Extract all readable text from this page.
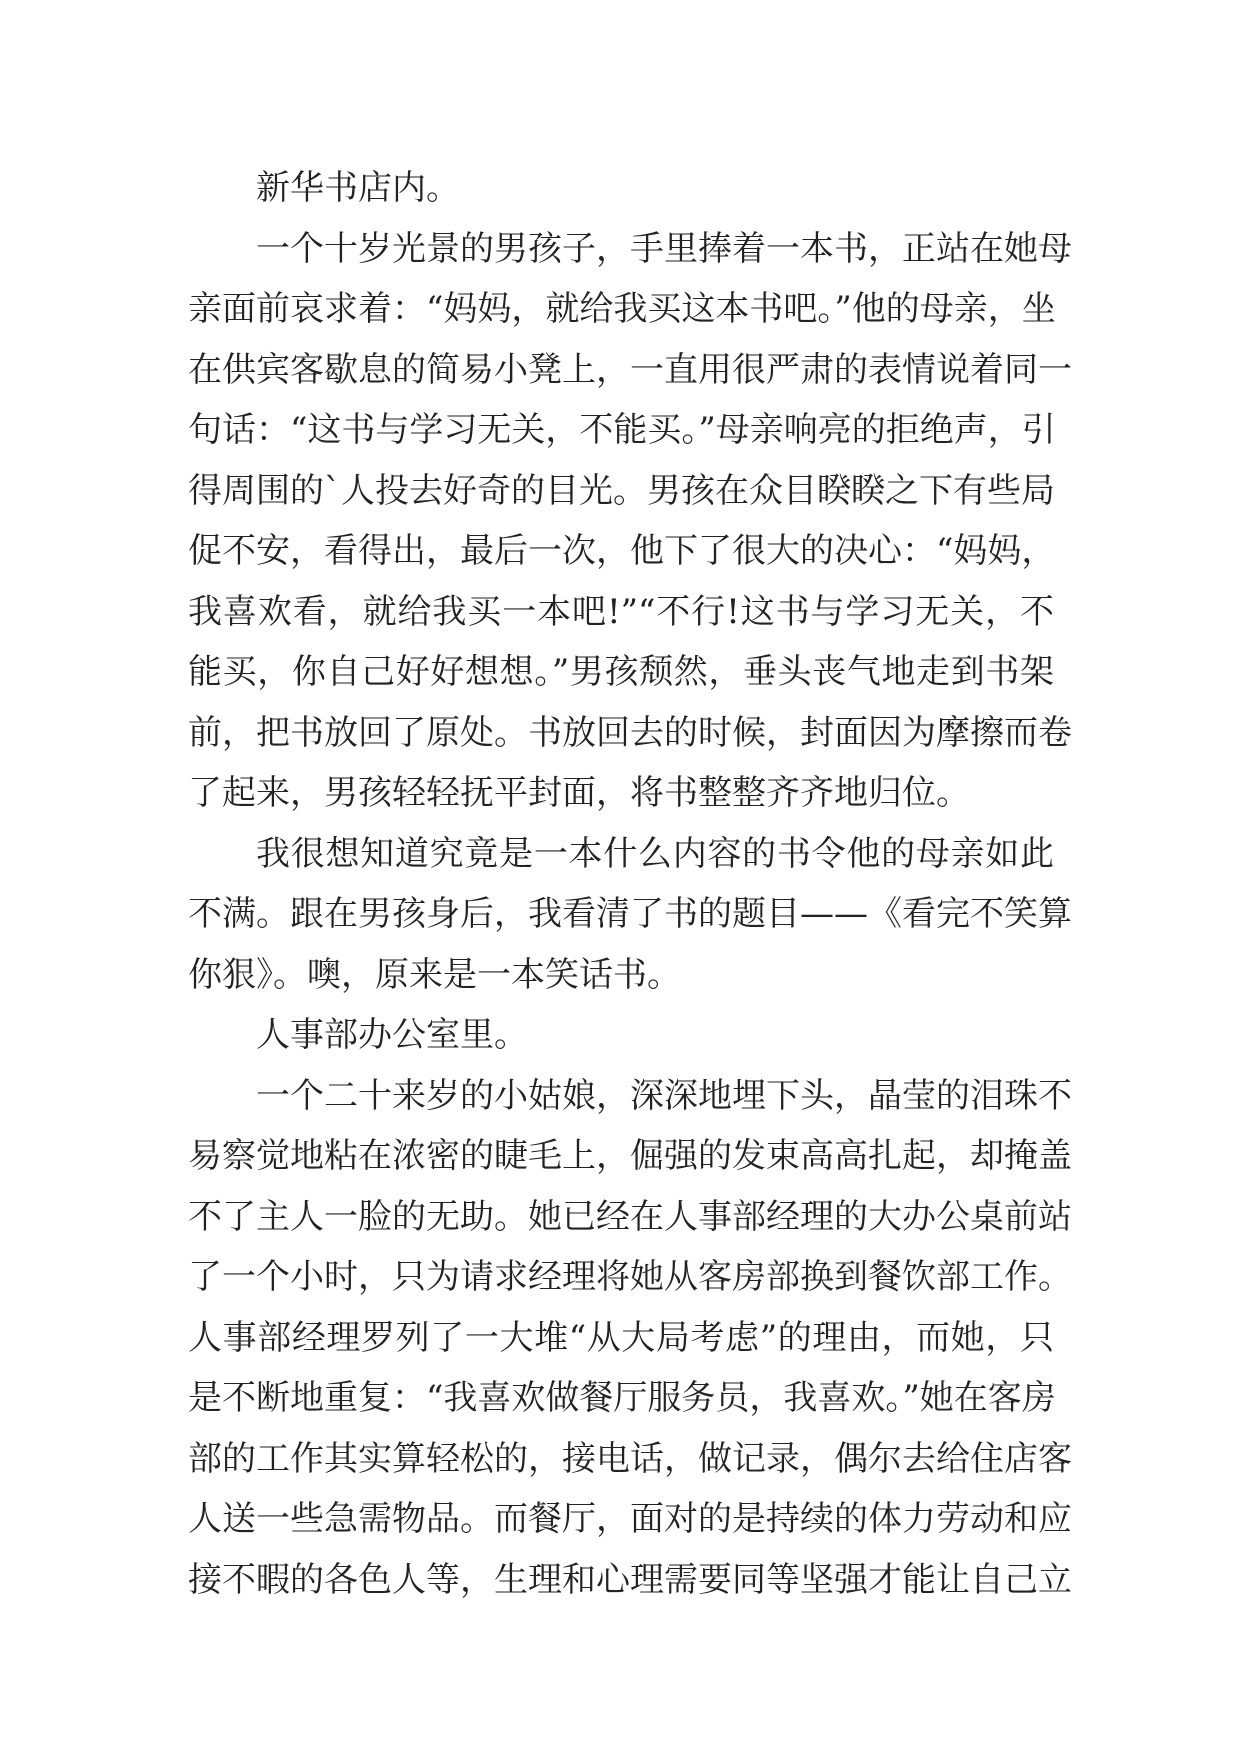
新华书店内。
一个十岁光景的男孩子，手里捧着一本书，正站在她母
亲面前哀求着：“妈妈，就给我买这本书吧。”他的母亲，坐
在供宾客歇息的简易小凳上，一直用很严肃的表情说着同一
句话：“这书与学习无关，不能买。”母亲响亮的拒绝声，引
得周围的`人投去好奇的目光。男孩在众目睽睽之下有些局
促不安，看得出，最后一次，他下了很大的决心：“妈妈，
我喜欢看，就给我买一本吧!”“不行!这书与学习无关，不
能买，你自己好好想想。”男孩颓然，垂头丧气地走到书架
前，把书放回了原处。书放回去的时候，封面因为摩擦而卷
了起来，男孩轻轻抚平封面，将书整整齐齐地归位。
我很想知道究竟是一本什么内容的书令他的母亲如此
不满。跟在男孩身后，我看清了书的题目——《看完不笑算
你狠》。噢，原来是一本笑话书。
人事部办公室里。
一个二十来岁的小姑娘，深深地埋下头，晶莹的泪珠不
易察觉地粘在浓密的睫毛上，倔强的发束高高扎起，却掩盖
不了主人一脸的无助。她已经在人事部经理的大办公桌前站
了一个小时，只为请求经理将她从客房部换到餐饮部工作。
人事部经理罗列了一大堆“从大局考虑”的理由，而她，只
是不断地重复：“我喜欢做餐厅服务员，我喜欢。”她在客房
部的工作其实算轻松的，接电话，做记录，偶尔去给住店客
人送一些急需物品。而餐厅，面对的是持续的体力劳动和应
接不暇的各色人等，生理和心理需要同等坚强才能让自己立
